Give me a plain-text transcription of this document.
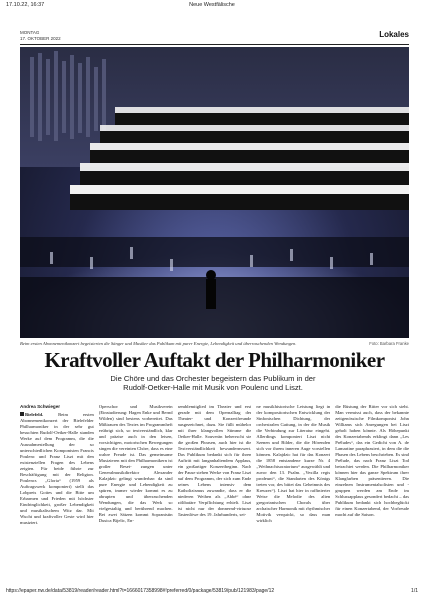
17.10.22, 16:37	Neue Westfälische
MONTAG
17. OKTOBER 2022	Lokales
Beim ersten Abonnementkonzert begeisterten die Sänger und Musiker das Publikum mit purer Energie, Lebendigkeit und überraschenden Wendungen.	Foto: Barbara Franke
Kraftvoller Auftakt der Philharmoniker
Die Chöre und das Orchester begeistern das Publikum in der Rudolf-Oetker-Halle mit Musik von Poulenc und Liszt.
Andrea Schwieger
Bielefeld.	Beim ersten Abonnementkonzert der Bielefelder Philharmoniker in der sehr gut besuchten Rudolf-Oetker-Halle standen Werke auf dem Programm, die die Ausnahmestellung der so unterschiedlichen Komponisten Francis Poulenc und Franz Liszt mit den existenziellen Fragen des Lebens zeigten. Für beide führte zur Beschäftigung mit der Religion. Poulencs „Gloria“ (1959 als Auftragswerk komponiert) stellt das Lobpreis Gottes und die Bitte um Erbarmen und Frieden mit höchster Eindringlichkeit, großer Lebendigkeit und musikalischem Witz dar. Mit Wucht und kraftvoller Geste wird hier musiziert.
Operschor und Musikverein (Einstudierung: Hagen Enke und Bernd Wilden) sind bestens vorbereitet. Das Mißtrauen des Textes im Programmheft erübrigt sich, so textverständlich, klar und präzise auch in den leisen, vorsichtigen, motorischen Bewegungen singen die vereinten Chöre, dass es eine wahre Freude ist. Das gemeinsame Musizieren mit den Philharmonikern ist großer Beset- zungen unter Generalmusikdirektor Alexander Kalajdzic gelingt wunderbar: da sind pure Energie und Lebendigkeit zu spüren, immer wieder kommt es zu abrupten und überraschenden Wendungen, die das Werk so vielgestaltig und berührend machen. Bei zwei Sätzen kommt Sopranistin Dusica Bijelic, En-
semblemitglied im Theater und erst gerade mit dem Opernalltag der Theater- und Konzertfreunde ausgezeichnet, dazu. Sie füllt mühelos mit ihrer klangvollen Stimme die Oetker-Halle. Souverän beherrscht sie die großen Phrasen, auch hier ist die Textverständlichkeit bewundernswert. Das Publikum bedankt sich für ihren Auftritt mit langanhaltendem Applaus, ein großartiger Konzertbeginn. Nach der Pause stehen Werke von Franz Liszt auf dem Programm, der sich zum Ende seines Lebens intensiv dem Katholizismus zuwandte, dass er die niederen Weihen als „Abbé“ ohne zölibatäre Verpflichtung erhielt. Liszt ist nicht nur der donnernd-virtuose Tastenlöwe des 19. Jahrhunderts, sei-
ne musikhistorische Leistung liegt in der kompositorischen Entwicklung der Sinfonischen Dichtung, der orchestralen Gattung, in der die Musik die Verbindung zur Literatur eingeht. Allerdings komponiert Liszt nicht Szenen und Bilder, die die Hörenden sich vor ihrem inneren Auge vorstellen können. Kalajdzic hat für das Konzert die 1858 entstandene kurze Nr. 4 „Weihnachtsoratorium“ ausgewählt und zuvor den 13. Psalm. „Vexilla regis prodeunt“, die Standarten des Königs treten vor, des bittet das Geheimnis des Kreuzes“). Liszt hat hier in raffinierter Weise die Melodie des alten gregorianischen Chorals über archaischer Harmonik mit rhythmischer Motivik verquickt, so dass man wirklich
die Rüstung der Ritter vor sich sieht. Man vermisst auch, dass der bekannte zeitgenössische Filmkomponist John Williams sich Anregungen bei Liszt geholt haben könnte. Als Höhepunkt des Konzertabends erklingt dann „Les Préludes“, das ein Gedicht von A. de Lamartine paraphrasiert, in dem die die Phasen des Lebens beschrieben. Es sind Prélude, das nach Franz Liszt Tod betrachtet werden. Die Philharmoniker können hier das ganze Spektrum ihrer Klangfarben präsentieren. Die einzelnen Instrumentalsolisten und -gruppen werden am Ende im Schlussapplaus gesondert bedacht – das Publikum bedankt sich hochbeglückt für einen Konzertabend, der Vorfreude macht auf die Saison.
https://epaper.nw.de/data/53819/reader/reader.html?t=1666017358998#!preferred/0/package/53819/pub/121983/page/12	1/1
